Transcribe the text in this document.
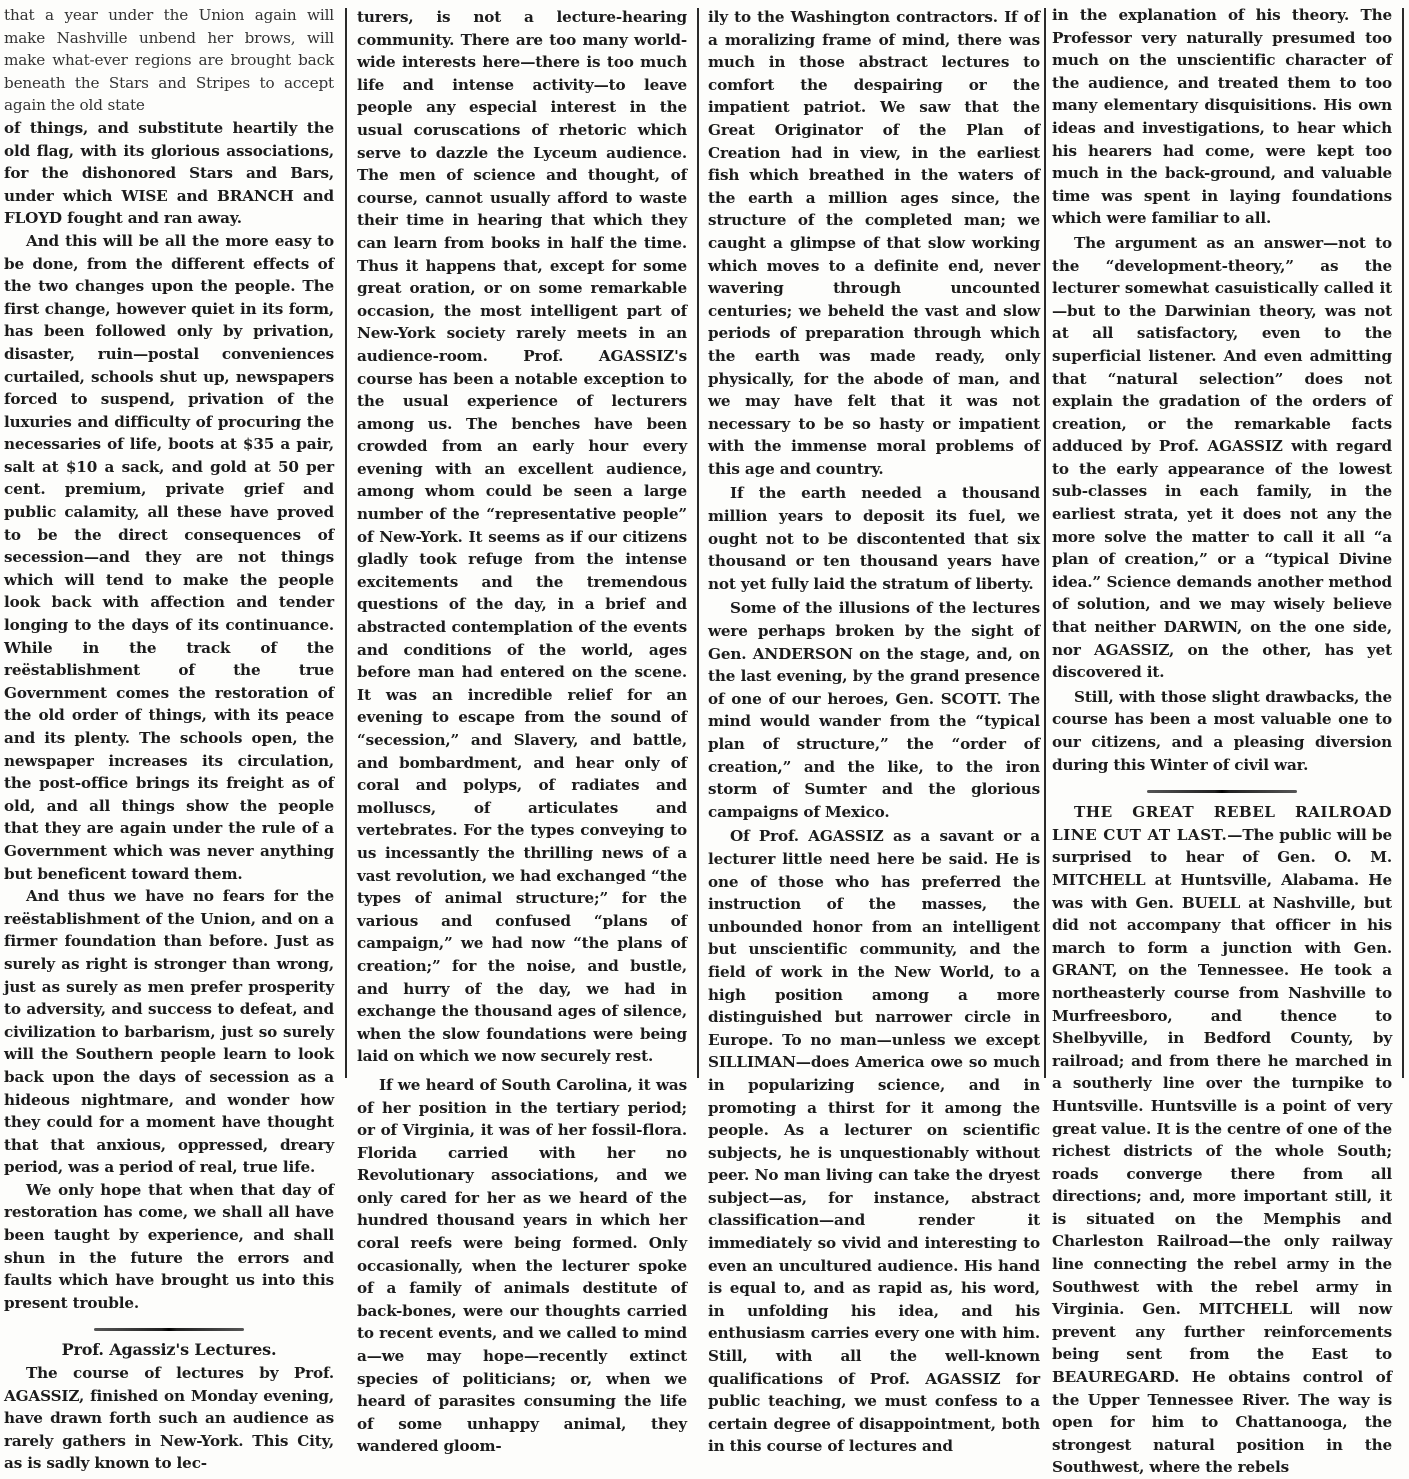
that a year under the Union again will make Nashville unbend her brows, will make what-ever regions are brought back beneath the Stars and Stripes to accept again the old state

of things, and substitute heartily the old flag, with its glorious associations, for the dishonored Stars and Bars, under which WISE and BRANCH and FLOYD fought and ran away.

And this will be all the more easy to be done, from the different effects of the two changes upon the people. The first change, however quiet in its form, has been followed only by privation, disaster, ruin—postal conveniences curtailed, schools shut up, newspapers forced to suspend, privation of the luxuries and difficulty of procuring the necessaries of life, boots at $35 a pair, salt at $10 a sack, and gold at 50 per cent. premium, private grief and public calamity, all these have proved to be the direct consequences of secession—and they are not things which will tend to make the people look back with affection and tender longing to the days of its continuance. While in the track of the reëstablishment of the true Government comes the restoration of the old order of things, with its peace and its plenty. The schools open, the newspaper increases its circulation, the post-office brings its freight as of old, and all things show the people that they are again under the rule of a Government which was never anything but beneficent toward them.

And thus we have no fears for the reëstablishment of the Union, and on a firmer foundation than before. Just as surely as right is stronger than wrong, just as surely as men prefer prosperity to adversity, and success to defeat, and civilization to barbarism, just so surely will the Southern people learn to look back upon the days of secession as a hideous nightmare, and wonder how they could for a moment have thought that that anxious, oppressed, dreary period, was a period of real, true life.

We only hope that when that day of restoration has come, we shall all have been taught by experience, and shall shun in the future the errors and faults which have brought us into this present trouble.

Prof. Agassiz's Lectures.

The course of lectures by Prof. AGASSIZ, finished on Monday evening, have drawn forth such an audience as rarely gathers in New-York. This City, as is sadly known to lec-

turers, is not a lecture-hearing community. There are too many world-wide interests here—there is too much life and intense activity—to leave people any especial interest in the usual coruscations of rhetoric which serve to dazzle the Lyceum audience. The men of science and thought, of course, cannot usually afford to waste their time in hearing that which they can learn from books in half the time. Thus it happens that, except for some great oration, or on some remarkable occasion, the most intelligent part of New-York society rarely meets in an audience-room. Prof. AGASSIZ's course has been a notable exception to the usual experience of lecturers among us. The benches have been crowded from an early hour every evening with an excellent audience, among whom could be seen a large number of the “representative people” of New-York. It seems as if our citizens gladly took refuge from the intense excitements and the tremendous questions of the day, in a brief and abstracted contemplation of the events and conditions of the world, ages before man had entered on the scene. It was an incredible relief for an evening to escape from the sound of “secession,” and Slavery, and battle, and bombardment, and hear only of coral and polyps, of radiates and molluscs, of articulates and vertebrates. For the types conveying to us incessantly the thrilling news of a vast revolution, we had exchanged “the types of animal structure;” for the various and confused “plans of campaign,” we had now “the plans of creation;” for the noise, and bustle, and hurry of the day, we had in exchange the thousand ages of silence, when the slow foundations were being laid on which we now securely rest.

If we heard of South Carolina, it was of her position in the tertiary period; or of Virginia, it was of her fossil-flora. Florida carried with her no Revolutionary associations, and we only cared for her as we heard of the hundred thousand years in which her coral reefs were being formed. Only occasionally, when the lecturer spoke of a family of animals destitute of back-bones, were our thoughts carried to recent events, and we called to mind a—we may hope—recently extinct species of politicians; or, when we heard of parasites consuming the life of some unhappy animal, they wandered gloom-

ily to the Washington contractors. If of a moralizing frame of mind, there was much in those abstract lectures to comfort the despairing or the impatient patriot. We saw that the Great Originator of the Plan of Creation had in view, in the earliest fish which breathed in the waters of the earth a million ages since, the structure of the completed man; we caught a glimpse of that slow working which moves to a definite end, never wavering through uncounted centuries; we beheld the vast and slow periods of preparation through which the earth was made ready, only physically, for the abode of man, and we may have felt that it was not necessary to be so hasty or impatient with the immense moral problems of this age and country.

If the earth needed a thousand million years to deposit its fuel, we ought not to be discontented that six thousand or ten thousand years have not yet fully laid the stratum of liberty.

Some of the illusions of the lectures were perhaps broken by the sight of Gen. ANDERSON on the stage, and, on the last evening, by the grand presence of one of our heroes, Gen. SCOTT. The mind would wander from the “typical plan of structure,” the “order of creation,” and the like, to the iron storm of Sumter and the glorious campaigns of Mexico.

Of Prof. AGASSIZ as a savant or a lecturer little need here be said. He is one of those who has preferred the instruction of the masses, the unbounded honor from an intelligent but unscientific community, and the field of work in the New World, to a high position among a more distinguished but narrower circle in Europe. To no man—unless we except SILLIMAN—does America owe so much in popularizing science, and in promoting a thirst for it among the people. As a lecturer on scientific subjects, he is unquestionably without peer. No man living can take the dryest subject—as, for instance, abstract classification—and render it immediately so vivid and interesting to even an uncultured audience. His hand is equal to, and as rapid as, his word, in unfolding his idea, and his enthusiasm carries every one with him. Still, with all the well-known qualifications of Prof. AGASSIZ for public teaching, we must confess to a certain degree of disappointment, both in this course of lectures and

in the explanation of his theory. The Professor very naturally presumed too much on the unscientific character of the audience, and treated them to too many elementary disquisitions. His own ideas and investigations, to hear which his hearers had come, were kept too much in the back-ground, and valuable time was spent in laying foundations which were familiar to all.

The argument as an answer—not to the “development-theory,” as the lecturer somewhat casuistically called it—but to the Darwinian theory, was not at all satisfactory, even to the superficial listener. And even admitting that “natural selection” does not explain the gradation of the orders of creation, or the remarkable facts adduced by Prof. AGASSIZ with regard to the early appearance of the lowest sub-classes in each family, in the earliest strata, yet it does not any the more solve the matter to call it all “a plan of creation,” or a “typical Divine idea.” Science demands another method of solution, and we may wisely believe that neither DARWIN, on the one side, nor AGASSIZ, on the other, has yet discovered it.

Still, with those slight drawbacks, the course has been a most valuable one to our citizens, and a pleasing diversion during this Winter of civil war.

THE GREAT REBEL RAILROAD LINE CUT AT LAST.—The public will be surprised to hear of Gen. O. M. MITCHELL at Huntsville, Alabama. He was with Gen. BUELL at Nashville, but did not accompany that officer in his march to form a junction with Gen. GRANT, on the Tennessee. He took a northeasterly course from Nashville to Murfreesboro, and thence to Shelbyville, in Bedford County, by railroad; and from there he marched in a southerly line over the turnpike to Huntsville. Huntsville is a point of very great value. It is the centre of one of the richest districts of the whole South; roads converge there from all directions; and, more important still, it is situated on the Memphis and Charleston Railroad—the only railway line connecting the rebel army in the Southwest with the rebel army in Virginia. Gen. MITCHELL will now prevent any further reinforcements being sent from the East to BEAUREGARD. He obtains control of the Upper Tennessee River. The way is open for him to Chattanooga, the strongest natural position in the Southwest, where the rebels
